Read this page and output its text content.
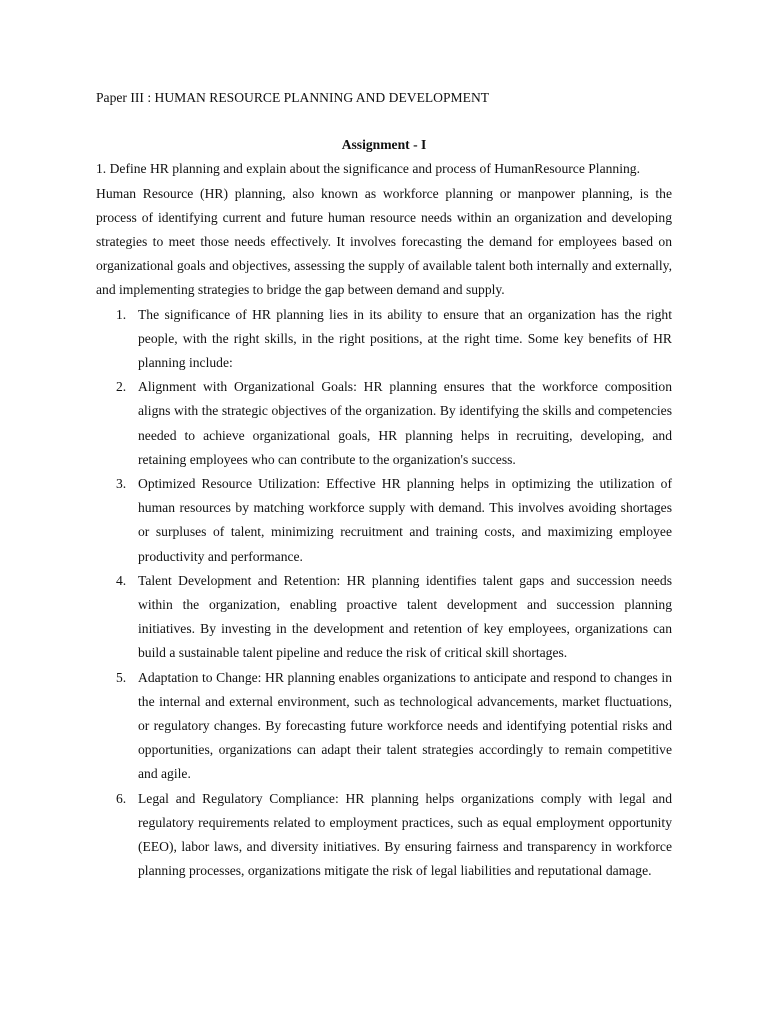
Paper III : HUMAN RESOURCE PLANNING AND DEVELOPMENT

Assignment - I

1. Define HR planning and explain about the significance and process of HumanResource Planning.

Human Resource (HR) planning, also known as workforce planning or manpower planning, is the process of identifying current and future human resource needs within an organization and developing strategies to meet those needs effectively. It involves forecasting the demand for employees based on organizational goals and objectives, assessing the supply of available talent both internally and externally, and implementing strategies to bridge the gap between demand and supply.

1. The significance of HR planning lies in its ability to ensure that an organization has the right people, with the right skills, in the right positions, at the right time. Some key benefits of HR planning include:
2. Alignment with Organizational Goals: HR planning ensures that the workforce composition aligns with the strategic objectives of the organization. By identifying the skills and competencies needed to achieve organizational goals, HR planning helps in recruiting, developing, and retaining employees who can contribute to the organization's success.
3. Optimized Resource Utilization: Effective HR planning helps in optimizing the utilization of human resources by matching workforce supply with demand. This involves avoiding shortages or surpluses of talent, minimizing recruitment and training costs, and maximizing employee productivity and performance.
4. Talent Development and Retention: HR planning identifies talent gaps and succession needs within the organization, enabling proactive talent development and succession planning initiatives. By investing in the development and retention of key employees, organizations can build a sustainable talent pipeline and reduce the risk of critical skill shortages.
5. Adaptation to Change: HR planning enables organizations to anticipate and respond to changes in the internal and external environment, such as technological advancements, market fluctuations, or regulatory changes. By forecasting future workforce needs and identifying potential risks and opportunities, organizations can adapt their talent strategies accordingly to remain competitive and agile.
6. Legal and Regulatory Compliance: HR planning helps organizations comply with legal and regulatory requirements related to employment practices, such as equal employment opportunity (EEO), labor laws, and diversity initiatives. By ensuring fairness and transparency in workforce planning processes, organizations mitigate the risk of legal liabilities and reputational damage.
